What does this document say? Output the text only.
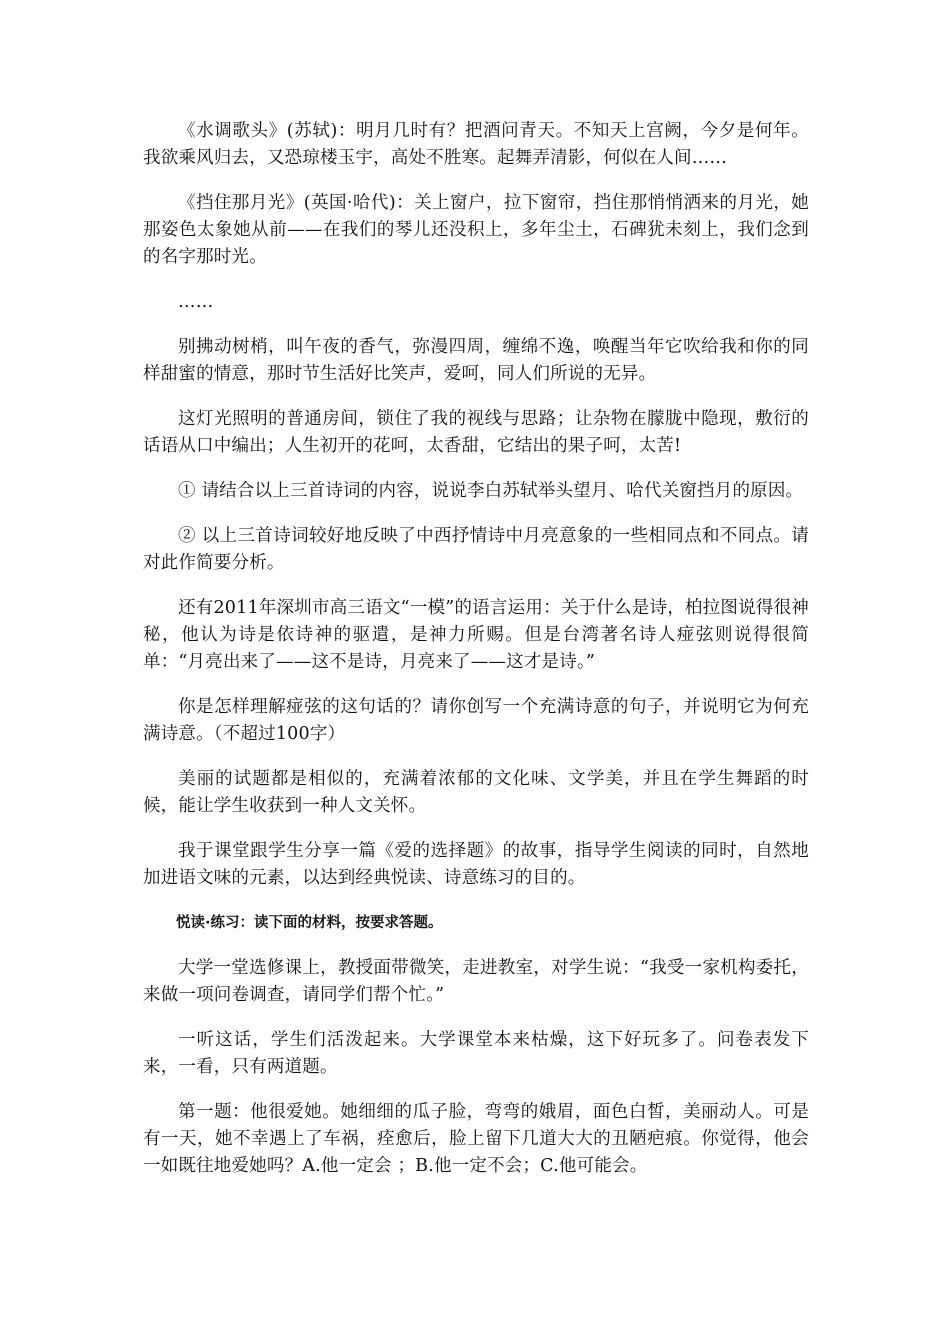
《水调歌头》(苏轼)：明月几时有？把酒问青天。不知天上宫阙，今夕是何年。我欲乘风归去，又恐琼楼玉宇，高处不胜寒。起舞弄清影，何似在人间……

《挡住那月光》(英国·哈代)：关上窗户，拉下窗帘，挡住那悄悄洒来的月光，她那姿色太象她从前——在我们的琴儿还没积上，多年尘土，石碑犹未刻上，我们念到的名字那时光。

……

别拂动树梢，叫午夜的香气，弥漫四周，缠绵不逸，唤醒当年它吹给我和你的同样甜蜜的情意，那时节生活好比笑声，爱呵，同人们所说的无异。

这灯光照明的普通房间，锁住了我的视线与思路；让杂物在朦胧中隐现，敷衍的话语从口中编出；人生初开的花呵，太香甜，它结出的果子呵，太苦!

① 请结合以上三首诗词的内容，说说李白苏轼举头望月、哈代关窗挡月的原因。

② 以上三首诗词较好地反映了中西抒情诗中月亮意象的一些相同点和不同点。请对此作简要分析。

还有2011年深圳市高三语文“一模”的语言运用：关于什么是诗，柏拉图说得很神秘，他认为诗是依诗神的驱遣，是神力所赐。但是台湾著名诗人痖弦则说得很简单：“月亮出来了——这不是诗，月亮来了——这才是诗。”

你是怎样理解痖弦的这句话的？请你创写一个充满诗意的句子，并说明它为何充满诗意。（不超过100字）

美丽的试题都是相似的，充满着浓郁的文化味、文学美，并且在学生舞蹈的时候，能让学生收获到一种人文关怀。

我于课堂跟学生分享一篇《爱的选择题》的故事，指导学生阅读的同时，自然地加进语文味的元素，以达到经典悦读、诗意练习的目的。

悦读·练习：读下面的材料，按要求答题。

大学一堂选修课上，教授面带微笑，走进教室，对学生说：“我受一家机构委托，来做一项问卷调查，请同学们帮个忙。”

一听这话，学生们活泼起来。大学课堂本来枯燥，这下好玩多了。问卷表发下来，一看，只有两道题。

第一题：他很爱她。她细细的瓜子脸，弯弯的娥眉，面色白皙，美丽动人。可是有一天，她不幸遇上了车祸，痊愈后，脸上留下几道大大的丑陋疤痕。你觉得，他会一如既往地爱她吗？A.他一定会 ；B.他一定不会；C.他可能会。
